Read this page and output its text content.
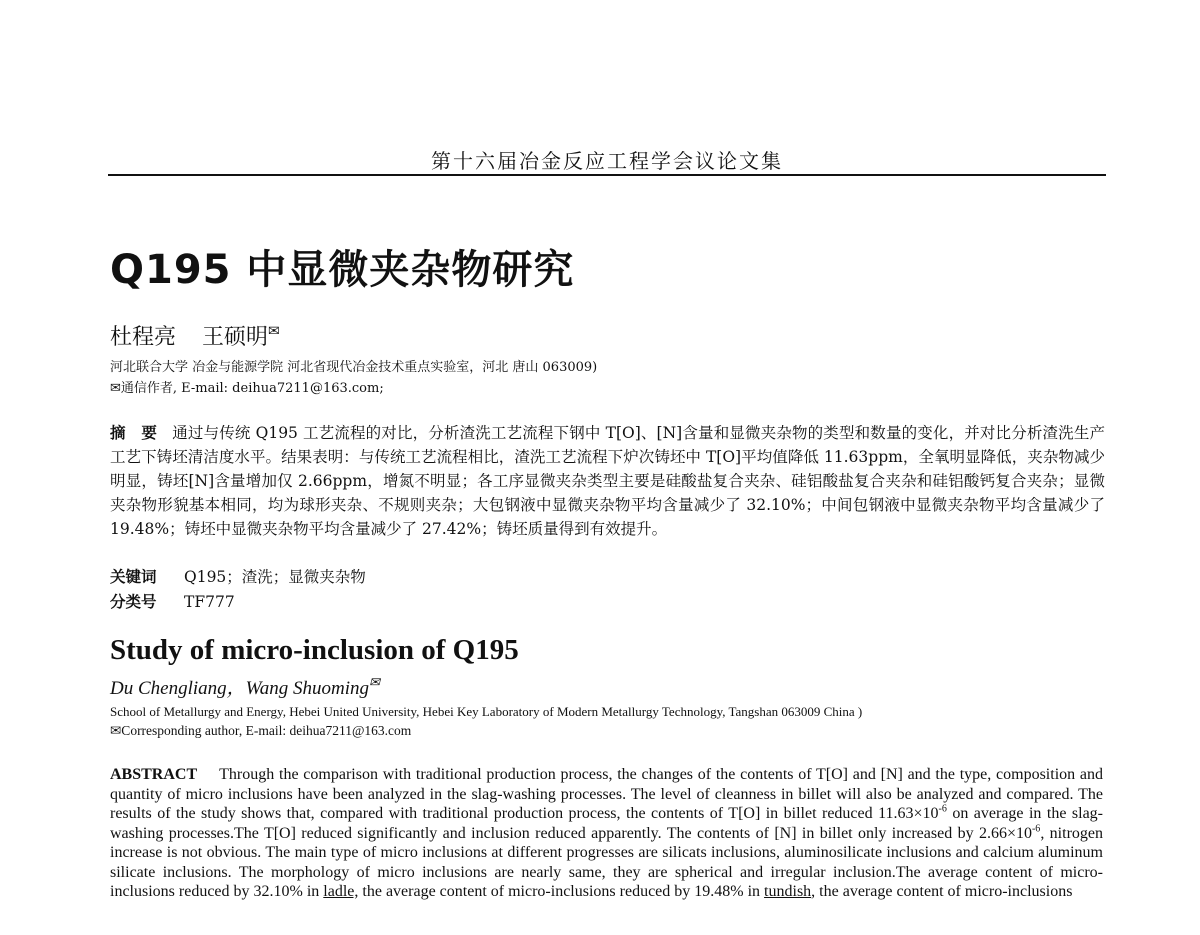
第十六届冶金反应工程学会议论文集
Q195 中显微夹杂物研究
杜程亮 王硕明✉
河北联合大学 冶金与能源学院 河北省现代冶金技术重点实验室，河北 唐山 063009)
✉通信作者, E-mail: deihua7211@163.com;
摘　要 通过与传统 Q195 工艺流程的对比，分析渣洗工艺流程下钢中 T[O]、[N]含量和显微夹杂物的类型和数量的变化，并对比分析渣洗生产工艺下铸坯清洁度水平。结果表明：与传统工艺流程相比，渣洗工艺流程下炉次铸坯中 T[O]平均值降低 11.63ppm，全氧明显降低，夹杂物减少明显，铸坯[N]含量增加仅 2.66ppm，增氮不明显；各工序显微夹杂类型主要是硅酸盐复合夹杂、硅铝酸盐复合夹杂和硅铝酸钙复合夹杂；显微夹杂物形貌基本相同，均为球形夹杂、不规则夹杂；大包钢液中显微夹杂物平均含量减少了 32.10%；中间包钢液中显微夹杂物平均含量减少了 19.48%；铸坯中显微夹杂物平均含量减少了 27.42%；铸坯质量得到有效提升。
关键词 Q195；渣洗；显微夹杂物
分类号 TF777
Study of micro-inclusion of Q195
Du Chengliang，Wang Shuoming✉
School of Metallurgy and Energy, Hebei United University, Hebei Key Laboratory of Modern Metallurgy Technology, Tangshan 063009 China )
✉Corresponding author, E-mail: deihua7211@163.com
ABSTRACT Through the comparison with traditional production process, the changes of the contents of T[O] and [N] and the type, composition and quantity of micro inclusions have been analyzed in the slag-washing processes. The level of cleanness in billet will also be analyzed and compared. The results of the study shows that, compared with traditional production process, the contents of T[O] in billet reduced $11.63\times 10^{-6}$ on average in the slag-washing processes.The T[O] reduced significantly and inclusion reduced apparently. The contents of [N] in billet only increased by $2.66\times 10^{-6}$, nitrogen increase is not obvious. The main type of micro inclusions at different progresses are silicats inclusions, aluminosilicate inclusions and calcium aluminum silicate inclusions. The morphology of micro inclusions are nearly same, they are spherical and irregular inclusion.The average content of micro-inclusions reduced by 32.10% in ladle, the average content of micro-inclusions reduced by 19.48% in tundish, the average content of micro-inclusions
